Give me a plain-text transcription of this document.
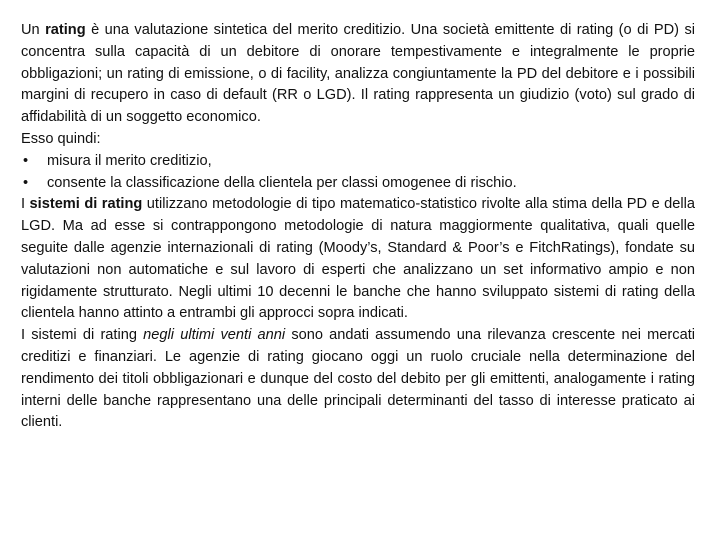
Un rating è una valutazione sintetica del merito creditizio. Una società emittente di rating (o di PD) si concentra sulla capacità di un debitore di onorare tempestivamente e integralmente le proprie obbligazioni; un rating di emissione, o di facility, analizza congiuntamente la PD del debitore e i possibili margini di recupero in caso di default (RR o LGD). Il rating rappresenta un giudizio (voto) sul grado di affidabilità di un soggetto economico.

Esso quindi:

• misura il merito creditizio,
• consente la classificazione della clientela per classi omogenee di rischio.

I sistemi di rating utilizzano metodologie di tipo matematico-statistico rivolte alla stima della PD e della LGD. Ma ad esse si contrappongono metodologie di natura maggiormente qualitativa, quali quelle seguite dalle agenzie internazionali di rating (Moody’s, Standard & Poor’s e FitchRatings), fondate su valutazioni non automatiche e sul lavoro di esperti che analizzano un set informativo ampio e non rigidamente strutturato. Negli ultimi 10 decenni le banche che hanno sviluppato sistemi di rating della clientela hanno attinto a entrambi gli approcci sopra indicati.

I sistemi di rating negli ultimi venti anni sono andati assumendo una rilevanza crescente nei mercati creditizi e finanziari. Le agenzie di rating giocano oggi un ruolo cruciale nella determinazione del rendimento dei titoli obbligazionari e dunque del costo del debito per gli emittenti, analogamente i rating interni delle banche rappresentano una delle principali determinanti del tasso di interesse praticato ai clienti.
